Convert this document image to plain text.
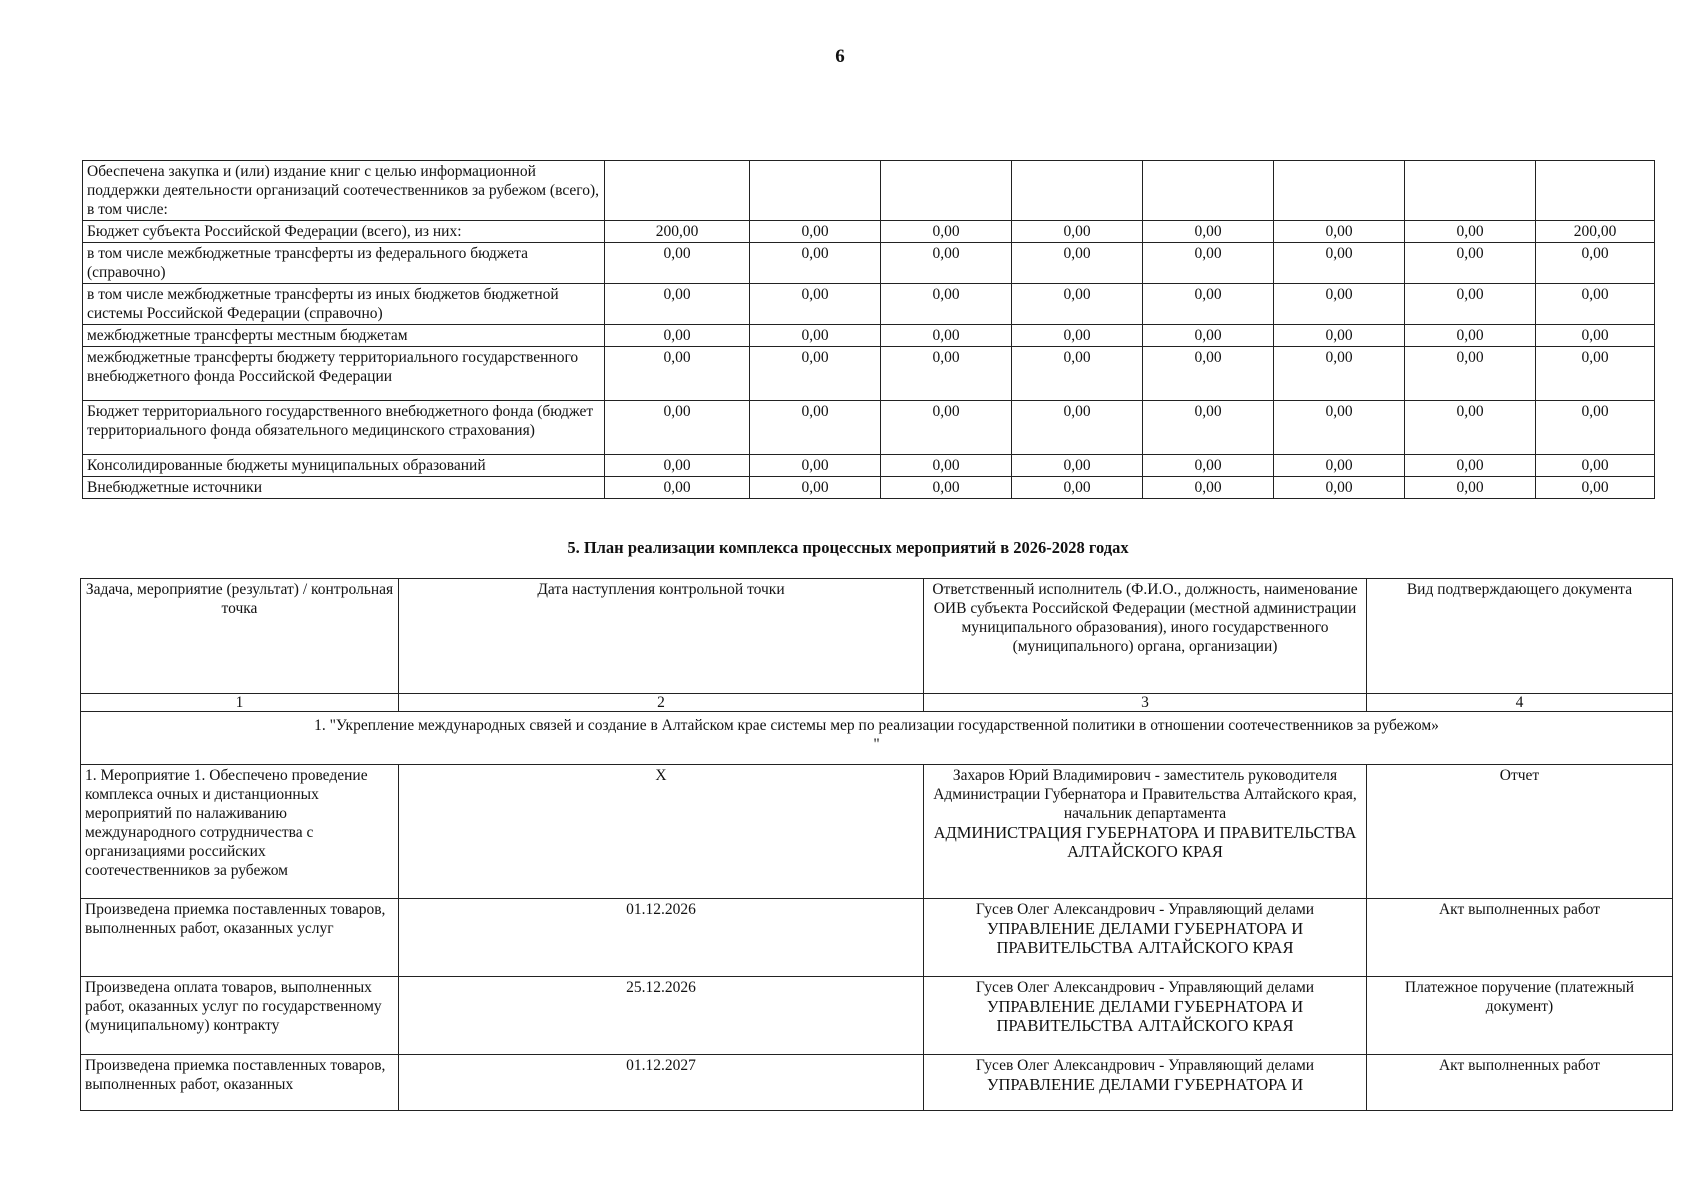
6
Обеспечена закупка и (или) издание книг с целью информационной поддержки деятельности организаций соотечественников за рубежом (всего), в том числе:								
Бюджет субъекта Российской Федерации (всего), из них:	200,00	0,00	0,00	0,00	0,00	0,00	0,00	200,00
в том числе межбюджетные трансферты из федерального бюджета (справочно)	0,00	0,00	0,00	0,00	0,00	0,00	0,00	0,00
в том числе межбюджетные трансферты из иных бюджетов бюджетной системы Российской Федерации (справочно)	0,00	0,00	0,00	0,00	0,00	0,00	0,00	0,00
межбюджетные трансферты местным бюджетам	0,00	0,00	0,00	0,00	0,00	0,00	0,00	0,00
межбюджетные трансферты бюджету территориального государственного внебюджетного фонда Российской Федерации	0,00	0,00	0,00	0,00	0,00	0,00	0,00	0,00
Бюджет территориального государственного внебюджетного фонда (бюджет территориального фонда обязательного медицинского страхования)	0,00	0,00	0,00	0,00	0,00	0,00	0,00	0,00
Консолидированные бюджеты муниципальных образований	0,00	0,00	0,00	0,00	0,00	0,00	0,00	0,00
Внебюджетные источники	0,00	0,00	0,00	0,00	0,00	0,00	0,00	0,00
5. План реализации комплекса процессных мероприятий в 2026-2028 годах
Задача, мероприятие (результат) / контрольная точка	Дата наступления контрольной точки	Ответственный исполнитель (Ф.И.О., должность, наименование ОИВ субъекта Российской Федерации (местной администрации муниципального образования), иного государственного (муниципального) органа, организации)	Вид подтверждающего документа
1	2	3	4
1. "Укрепление международных связей и создание в Алтайском крае системы мер по реализации государственной политики в отношении соотечественников за рубежом»
"			
1. Мероприятие 1. Обеспечено проведение комплекса очных и дистанционных мероприятий по налаживанию международного сотрудничества с организациями российских соотечественников за рубежом	X	Захаров Юрий Владимирович - заместитель руководителя Администрации Губернатора и Правительства Алтайского края, начальник департамента
АДМИНИСТРАЦИЯ ГУБЕРНАТОРА И ПРАВИТЕЛЬСТВА АЛТАЙСКОГО КРАЯ	Отчет
Произведена приемка поставленных товаров, выполненных работ, оказанных услуг	01.12.2026	Гусев Олег Александрович - Управляющий делами
УПРАВЛЕНИЕ ДЕЛАМИ ГУБЕРНАТОРА И ПРАВИТЕЛЬСТВА АЛТАЙСКОГО КРАЯ	Акт выполненных работ
Произведена оплата товаров, выполненных работ, оказанных услуг по государственному (муниципальному) контракту	25.12.2026	Гусев Олег Александрович - Управляющий делами
УПРАВЛЕНИЕ ДЕЛАМИ ГУБЕРНАТОРА И ПРАВИТЕЛЬСТВА АЛТАЙСКОГО КРАЯ	Платежное поручение (платежный документ)
Произведена приемка поставленных товаров, выполненных работ, оказанных	01.12.2027	Гусев Олег Александрович - Управляющий делами
УПРАВЛЕНИЕ ДЕЛАМИ ГУБЕРНАТОРА И	Акт выполненных работ
